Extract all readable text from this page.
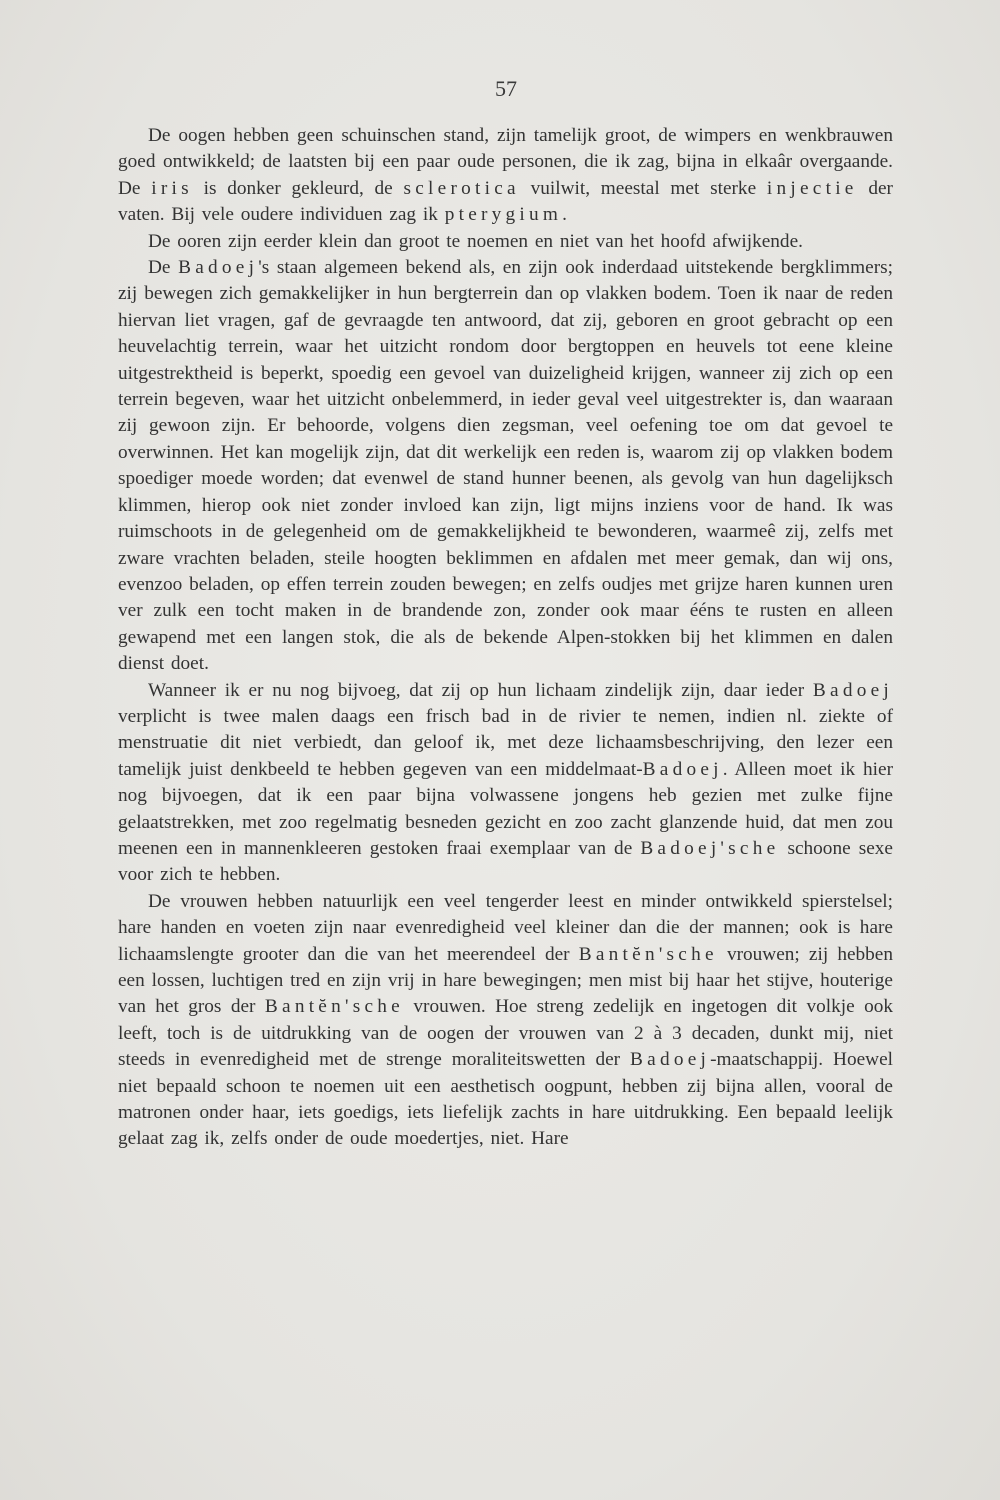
57

De oogen hebben geen schuinschen stand, zijn tamelijk groot, de wimpers en wenkbrauwen goed ontwikkeld; de laatsten bij een paar oude personen, die ik zag, bijna in elkaâr overgaande. De iris is donker gekleurd, de sclerotica vuilwit, meestal met sterke injectie der vaten. Bij vele oudere individuen zag ik pterygium.

De ooren zijn eerder klein dan groot te noemen en niet van het hoofd afwijkende.

De Badoej's staan algemeen bekend als, en zijn ook inderdaad uitstekende bergklimmers; zij bewegen zich gemakkelijker in hun bergterrein dan op vlakken bodem. Toen ik naar de reden hiervan liet vragen, gaf de gevraagde ten antwoord, dat zij, geboren en groot gebracht op een heuvelachtig terrein, waar het uitzicht rondom door bergtoppen en heuvels tot eene kleine uitgestrektheid is beperkt, spoedig een gevoel van duizeligheid krijgen, wanneer zij zich op een terrein begeven, waar het uitzicht onbelemmerd, in ieder geval veel uitgestrekter is, dan waaraan zij gewoon zijn. Er behoorde, volgens dien zegsman, veel oefening toe om dat gevoel te overwinnen. Het kan mogelijk zijn, dat dit werkelijk een reden is, waarom zij op vlakken bodem spoediger moede worden; dat evenwel de stand hunner beenen, als gevolg van hun dagelijksch klimmen, hierop ook niet zonder invloed kan zijn, ligt mijns inziens voor de hand. Ik was ruimschoots in de gelegenheid om de gemakkelijkheid te bewonderen, waarmeê zij, zelfs met zware vrachten beladen, steile hoogten beklimmen en afdalen met meer gemak, dan wij ons, evenzoo beladen, op effen terrein zouden bewegen; en zelfs oudjes met grijze haren kunnen uren ver zulk een tocht maken in de brandende zon, zonder ook maar ééns te rusten en alleen gewapend met een langen stok, die als de bekende Alpen-stokken bij het klimmen en dalen dienst doet.

Wanneer ik er nu nog bijvoeg, dat zij op hun lichaam zindelijk zijn, daar ieder Badoej verplicht is twee malen daags een frisch bad in de rivier te nemen, indien nl. ziekte of menstruatie dit niet verbiedt, dan geloof ik, met deze lichaamsbeschrijving, den lezer een tamelijk juist denkbeeld te hebben gegeven van een middelmaat-Badoej. Alleen moet ik hier nog bijvoegen, dat ik een paar bijna volwassene jongens heb gezien met zulke fijne gelaatstrekken, met zoo regelmatig besneden gezicht en zoo zacht glanzende huid, dat men zou meenen een in mannenkleeren gestoken fraai exemplaar van de Badoej'sche schoone sexe voor zich te hebben.

De vrouwen hebben natuurlijk een veel tengerder leest en minder ontwikkeld spierstelsel; hare handen en voeten zijn naar evenredigheid veel kleiner dan die der mannen; ook is hare lichaamslengte grooter dan die van het meerendeel der Bantĕn'sche vrouwen; zij hebben een lossen, luchtigen tred en zijn vrij in hare bewegingen; men mist bij haar het stijve, houterige van het gros der Bantĕn'sche vrouwen. Hoe streng zedelijk en ingetogen dit volkje ook leeft, toch is de uitdrukking van de oogen der vrouwen van 2 à 3 decaden, dunkt mij, niet steeds in evenredigheid met de strenge moraliteitswetten der Badoej-maatschappij. Hoewel niet bepaald schoon te noemen uit een aesthetisch oogpunt, hebben zij bijna allen, vooral de matronen onder haar, iets goedigs, iets liefelijk zachts in hare uitdrukking. Een bepaald leelijk gelaat zag ik, zelfs onder de oude moedertjes, niet. Hare
